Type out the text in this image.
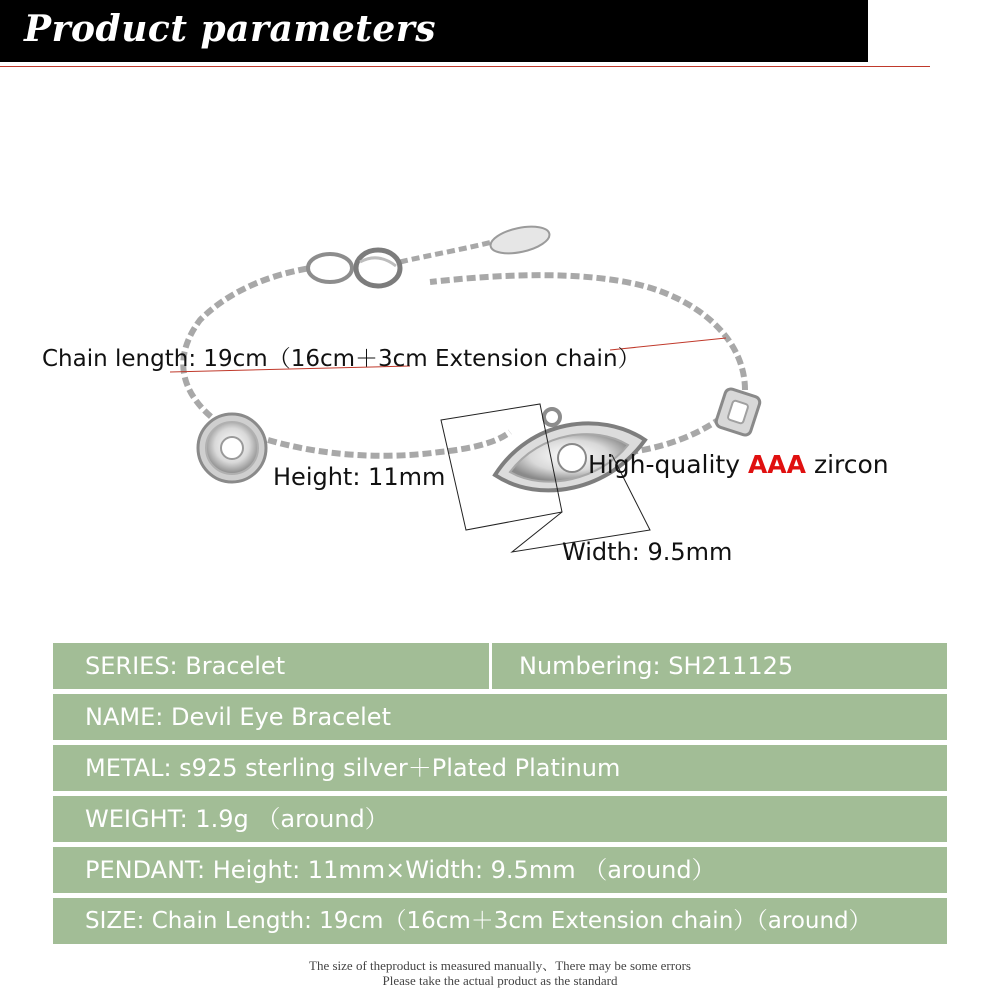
Product parameters
Chain length: 19cm（16cm＋3cm Extension chain）
Height: 11mm	High-quality AAA zircon
Width: 9.5mm
SERIES: Bracelet	Numbering: SH211125
NAME: Devil Eye Bracelet
METAL: s925 sterling silver＋Plated Platinum
WEIGHT: 1.9g （around）
PENDANT: Height: 11mm×Width: 9.5mm （around）
SIZE: Chain Length: 19cm（16cm＋3cm Extension chain）（around）
The size of theproduct is measured manually、There may be some errors
Please take the actual product as the standard
